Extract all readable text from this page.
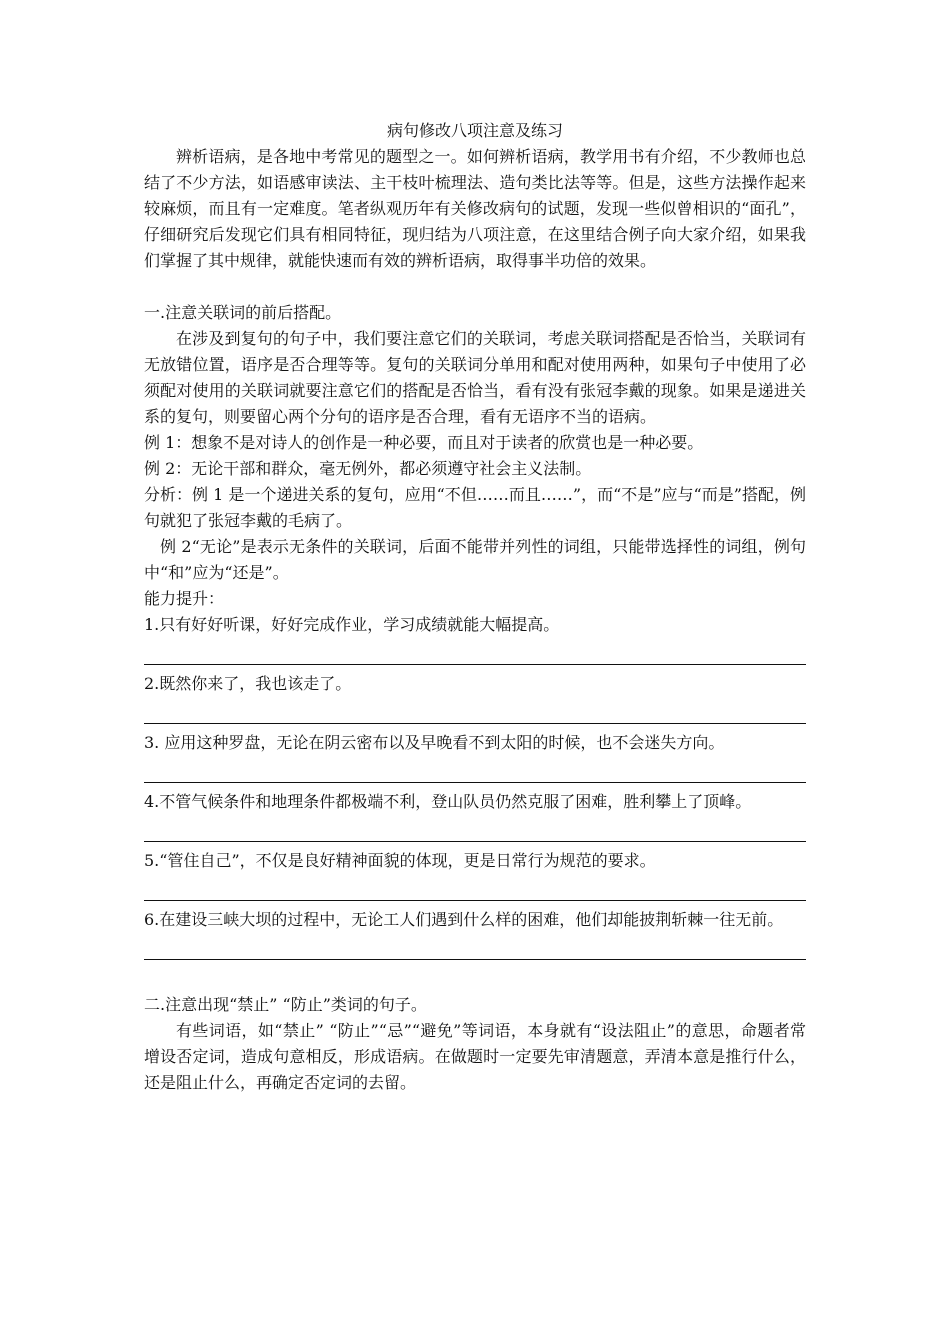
病句修改八项注意及练习

辨析语病，是各地中考常见的题型之一。如何辨析语病，教学用书有介绍，不少教师也总结了不少方法，如语感审读法、主干枝叶梳理法、造句类比法等等。但是，这些方法操作起来较麻烦，而且有一定难度。笔者纵观历年有关修改病句的试题，发现一些似曾相识的“面孔”，仔细研究后发现它们具有相同特征，现归结为八项注意，在这里结合例子向大家介绍，如果我们掌握了其中规律，就能快速而有效的辨析语病，取得事半功倍的效果。

一.注意关联词的前后搭配。

在涉及到复句的句子中，我们要注意它们的关联词，考虑关联词搭配是否恰当，关联词有无放错位置，语序是否合理等等。复句的关联词分单用和配对使用两种，如果句子中使用了必须配对使用的关联词就要注意它们的搭配是否恰当，看有没有张冠李戴的现象。如果是递进关系的复句，则要留心两个分句的语序是否合理，看有无语序不当的语病。

例 1：想象不是对诗人的创作是一种必要，而且对于读者的欣赏也是一种必要。

例 2：无论干部和群众，毫无例外，都必须遵守社会主义法制。

分析：例 1 是一个递进关系的复句，应用“不但……而且……”，而“不是”应与“而是”搭配，例句就犯了张冠李戴的毛病了。

例 2“无论”是表示无条件的关联词，后面不能带并列性的词组，只能带选择性的词组，例句中“和”应为“还是”。

能力提升：

1.只有好好听课，好好完成作业，学习成绩就能大幅提高。

2.既然你来了，我也该走了。

3. 应用这种罗盘，无论在阴云密布以及早晚看不到太阳的时候，也不会迷失方向。

4.不管气候条件和地理条件都极端不利，登山队员仍然克服了困难，胜利攀上了顶峰。

5.“管住自己”，不仅是良好精神面貌的体现，更是日常行为规范的要求。

6.在建设三峡大坝的过程中，无论工人们遇到什么样的困难，他们却能披荆斩棘一往无前。

二.注意出现“禁止” “防止”类词的句子。

有些词语，如“禁止” “防止”“忌”“避免”等词语，本身就有“设法阻止”的意思，命题者常增设否定词，造成句意相反，形成语病。在做题时一定要先审清题意，弄清本意是推行什么，还是阻止什么，再确定否定词的去留。
